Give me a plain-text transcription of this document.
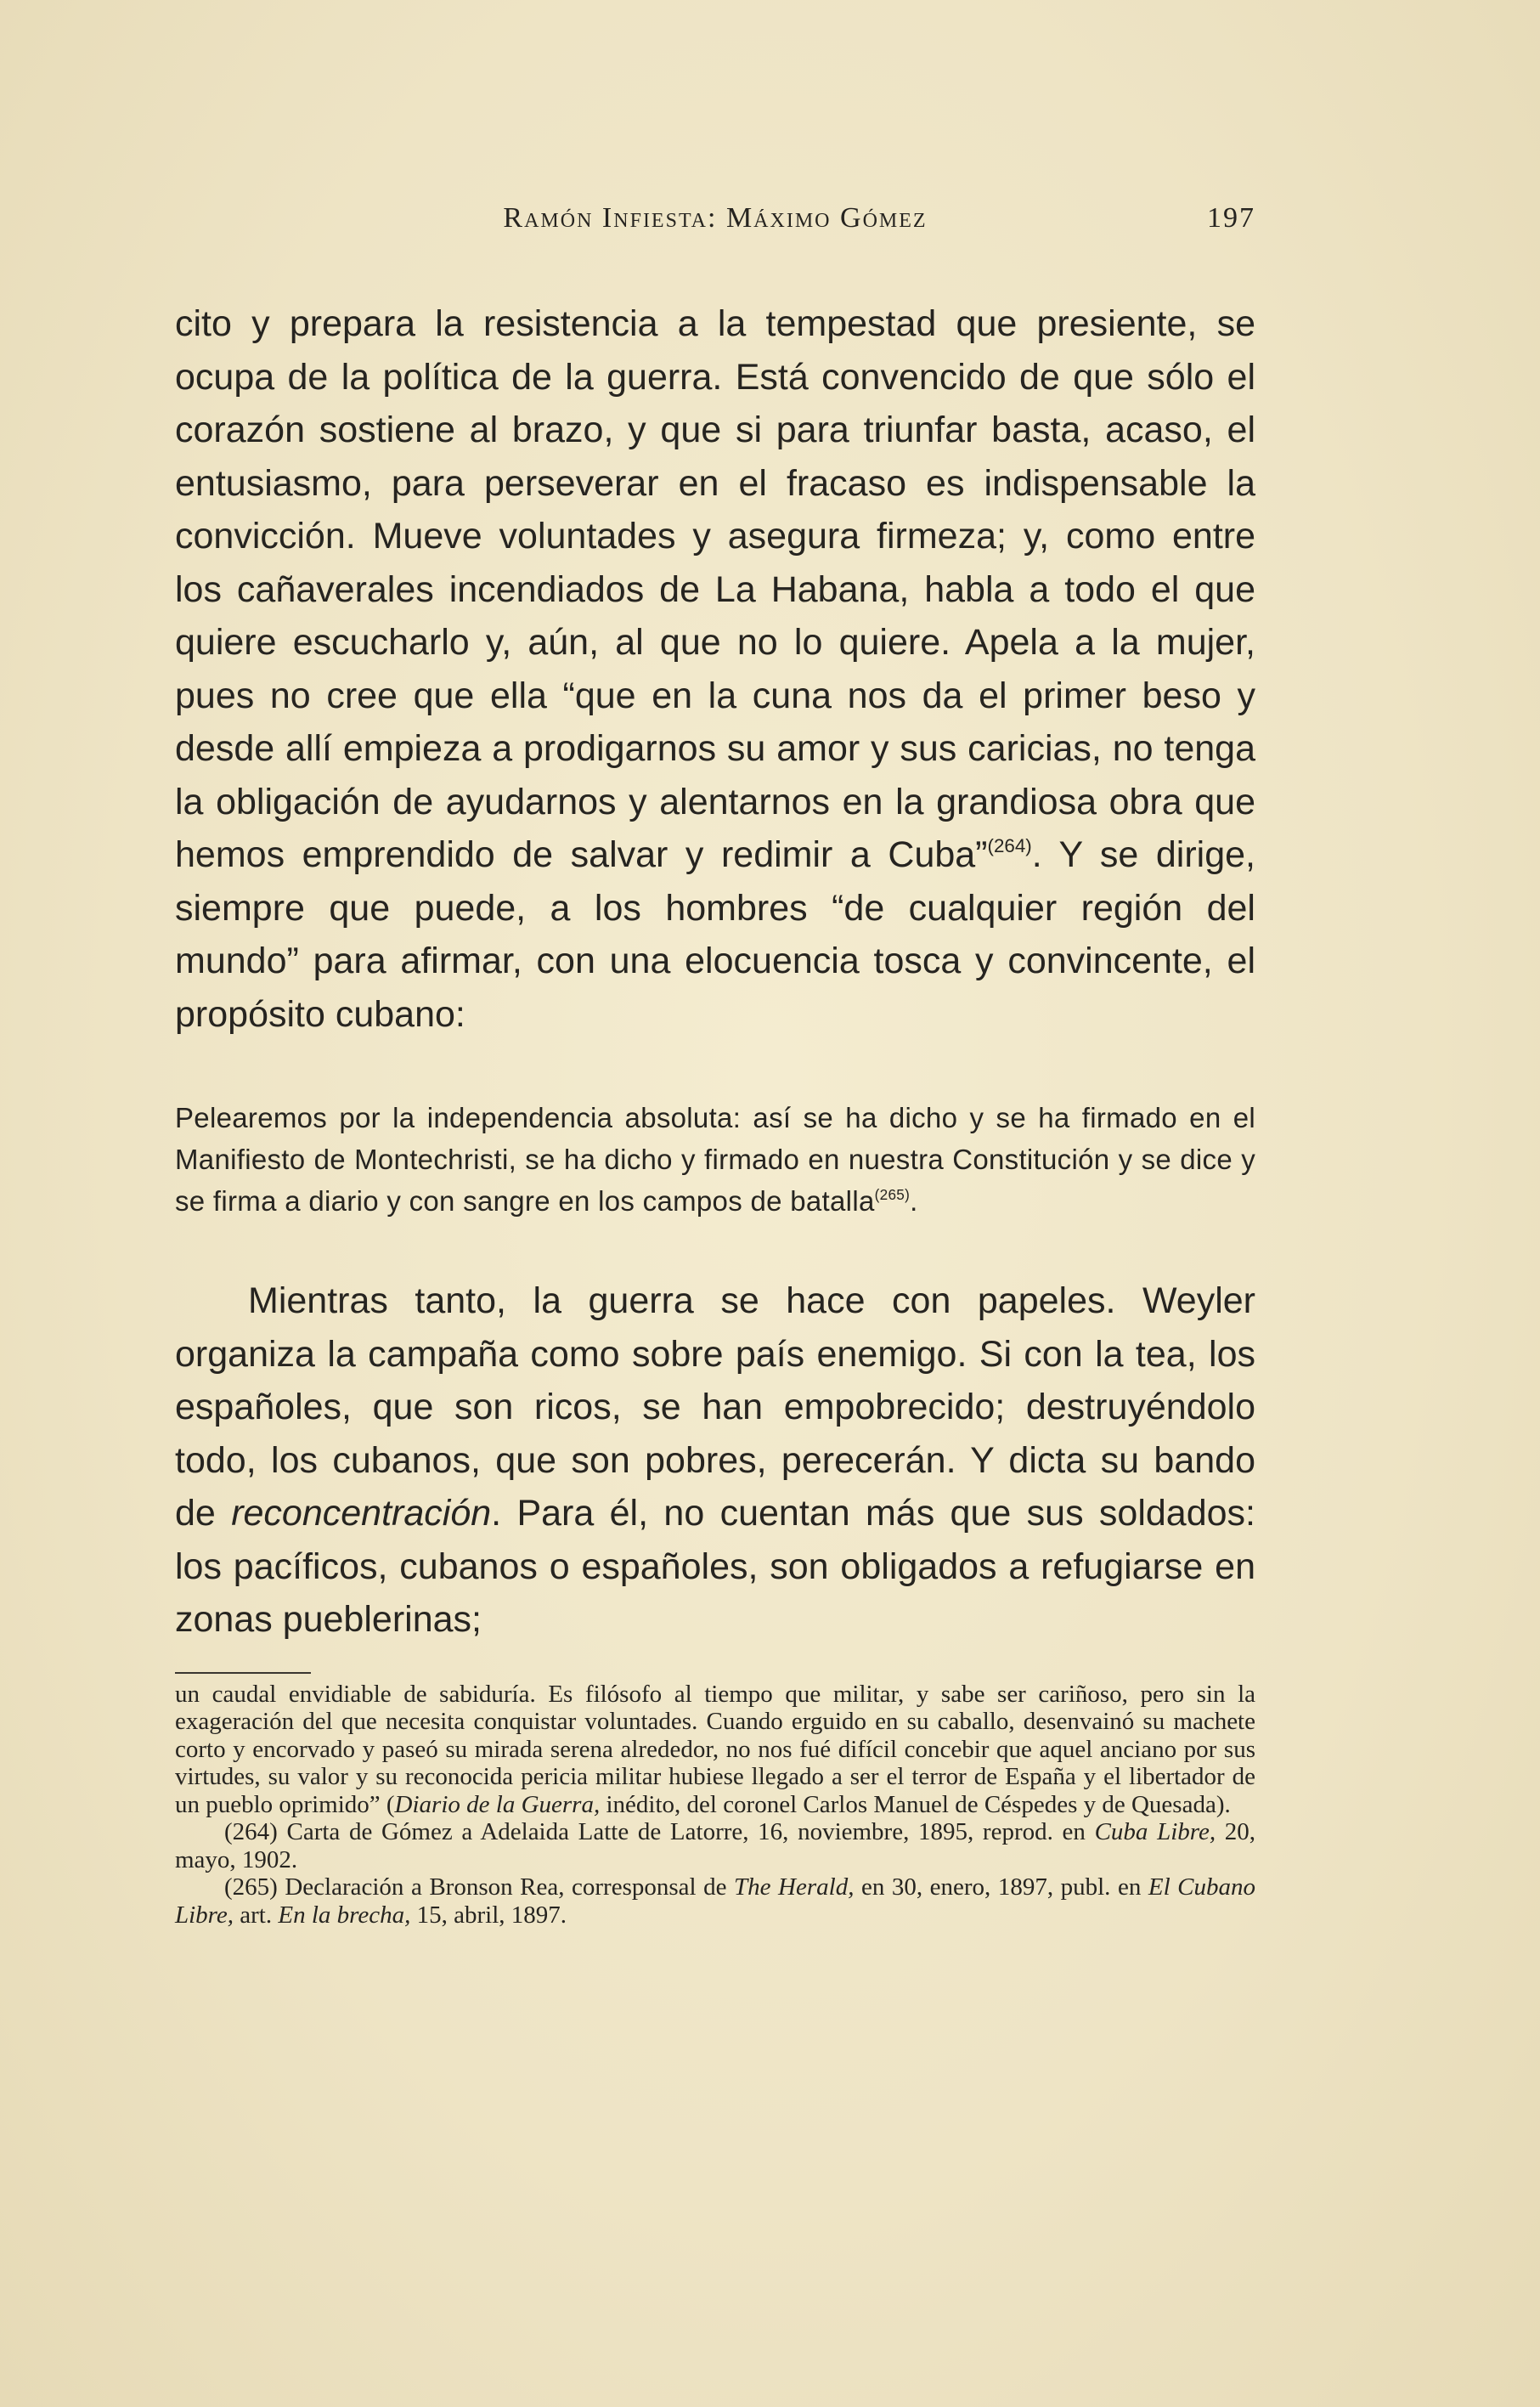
Ramón Infiesta: Máximo Gómez	197

cito y prepara la resistencia a la tempestad que presiente, se ocupa de la política de la guerra. Está convencido de que sólo el corazón sostiene al brazo, y que si para triunfar basta, acaso, el entusiasmo, para perseverar en el fracaso es indispensable la convicción. Mueve voluntades y asegura firmeza; y, como entre los cañaverales incendiados de La Habana, habla a todo el que quiere escucharlo y, aún, al que no lo quiere. Apela a la mujer, pues no cree que ella “que en la cuna nos da el primer beso y desde allí empieza a prodigarnos su amor y sus caricias, no tenga la obligación de ayudarnos y alentarnos en la grandiosa obra que hemos emprendido de salvar y redimir a Cuba”$^{(264)}$. Y se dirige, siempre que puede, a los hombres “de cualquier región del mundo” para afirmar, con una elocuencia tosca y convincente, el propósito cubano:

Pelearemos por la independencia absoluta: así se ha dicho y se ha firmado en el Manifiesto de Montechristi, se ha dicho y firmado en nuestra Constitución y se dice y se firma a diario y con sangre en los campos de batalla$^{(265)}$.

Mientras tanto, la guerra se hace con papeles. Weyler organiza la campaña como sobre país enemigo. Si con la tea, los españoles, que son ricos, se han empobrecido; destruyéndolo todo, los cubanos, que son pobres, perecerán. Y dicta su bando de reconcentración. Para él, no cuentan más que sus soldados: los pacíficos, cubanos o españoles, son obligados a refugiarse en zonas pueblerinas;

un caudal envidiable de sabiduría. Es filósofo al tiempo que militar, y sabe ser cariñoso, pero sin la exageración del que necesita conquistar voluntades. Cuando erguido en su caballo, desenvainó su machete corto y encorvado y paseó su mirada serena alrededor, no nos fué difícil concebir que aquel anciano por sus virtudes, su valor y su reconocida pericia militar hubiese llegado a ser el terror de España y el libertador de un pueblo oprimido” (Diario de la Guerra, inédito, del coronel Carlos Manuel de Céspedes y de Quesada).

(264) Carta de Gómez a Adelaida Latte de Latorre, 16, noviembre, 1895, reprod. en Cuba Libre, 20, mayo, 1902.

(265) Declaración a Bronson Rea, corresponsal de The Herald, en 30, enero, 1897, publ. en El Cubano Libre, art. En la brecha, 15, abril, 1897.
